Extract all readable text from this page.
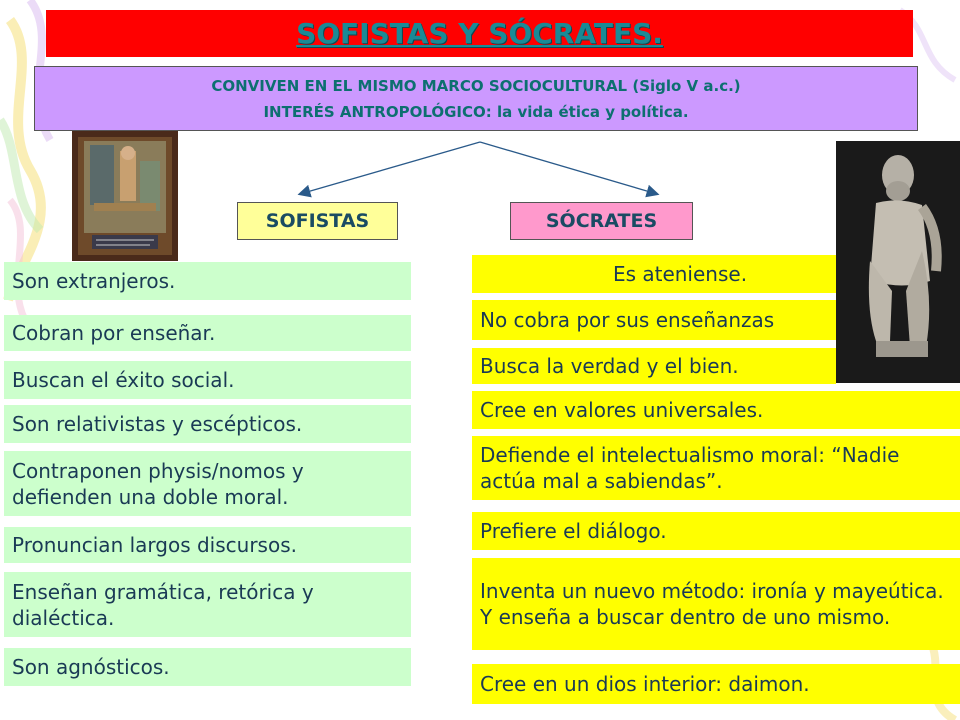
SOFISTAS Y SÓCRATES.
CONVIVEN EN EL MISMO MARCO SOCIOCULTURAL (Siglo V a.c.)
INTERÉS ANTROPOLÓGICO: la vida ética y política.
SOFISTAS	SÓCRATES
Son extranjeros.
Cobran por enseñar.
Buscan el éxito social.
Son relativistas y escépticos.
Contraponen physis/nomos y defienden una doble moral.
Pronuncian largos discursos.
Enseñan gramática, retórica y dialéctica.
Son agnósticos.
Es ateniense.
No cobra por sus enseñanzas
Busca la verdad y el bien.
Cree en valores universales.
Defiende el intelectualismo moral: “Nadie actúa mal a sabiendas”.
Prefiere el diálogo.
Inventa un nuevo método: ironía y mayeútica. Y enseña a buscar dentro de uno mismo.
Cree en un dios interior: daimon.
